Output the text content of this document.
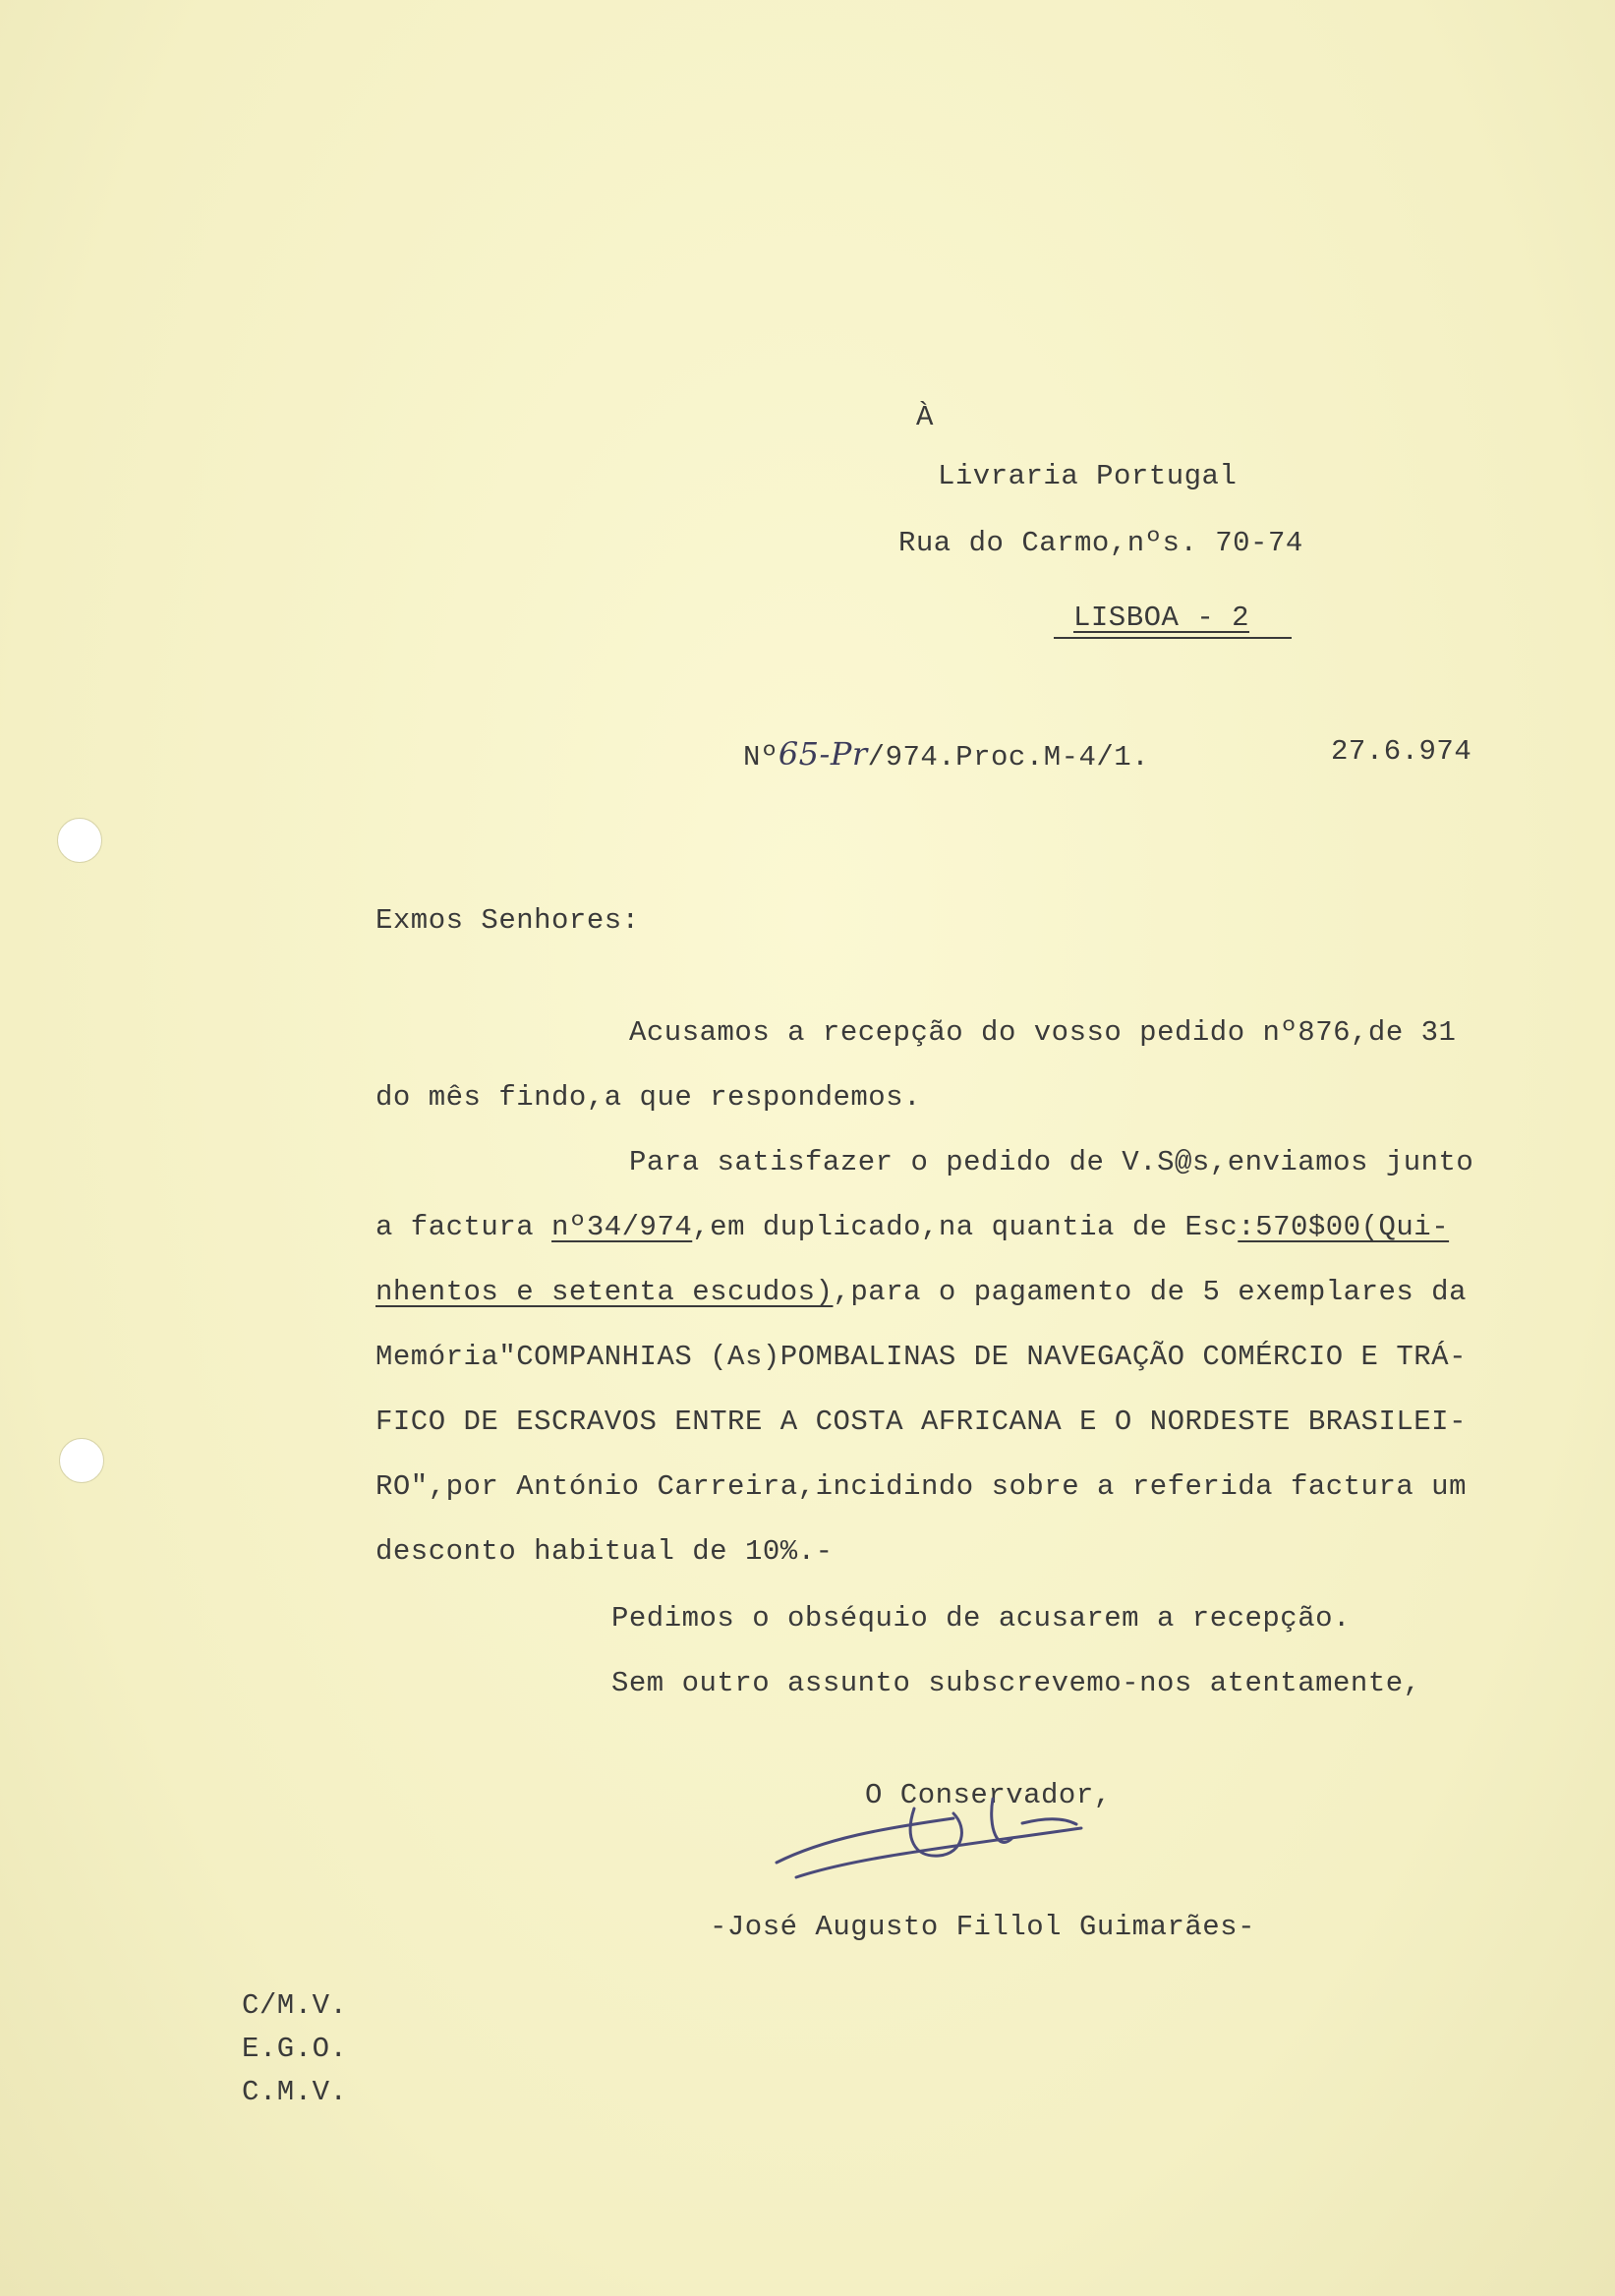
À
Livraria Portugal
Rua do Carmo,nºs. 70-74
LISBOA - 2
Nº65-Pr/974.Proc.M-4/1.	27.6.974
Exmos Senhores:
Acusamos a recepção do vosso pedido nº876,de 31
do mês findo,a que respondemos.
Para satisfazer o pedido de V.S@s,enviamos junto
a factura nº34/974,em duplicado,na quantia de Esc:570$00(Qui-
nhentos e setenta escudos),para o pagamento de 5 exemplares da
Memória"COMPANHIAS (As)POMBALINAS DE NAVEGAÇÃO COMÉRCIO E TRÁ-
FICO DE ESCRAVOS ENTRE A COSTA AFRICANA E O NORDESTE BRASILEI-
RO",por António Carreira,incidindo sobre a referida factura um
desconto habitual de 10%.-
Pedimos o obséquio de acusarem a recepção.
Sem outro assunto subscrevemo-nos atentamente,
O Conservador,
-José Augusto Fillol Guimarães-
C/M.V.
E.G.O.
C.M.V.
